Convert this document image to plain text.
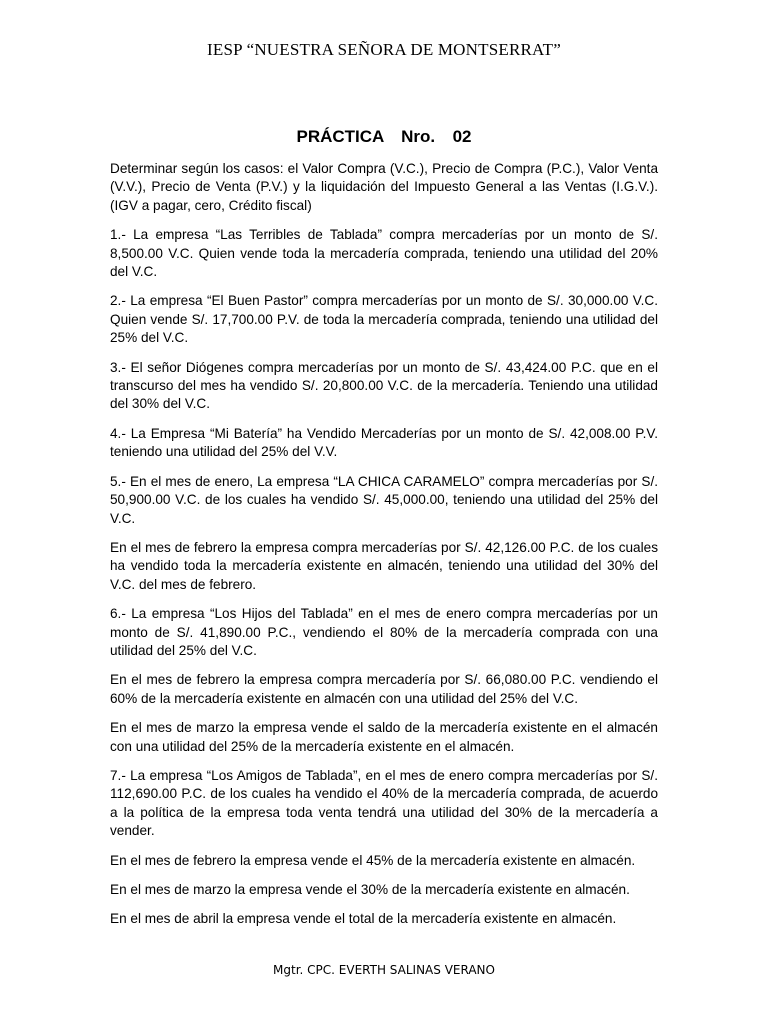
IESP “NUESTRA SEÑORA DE MONTSERRAT”
PRÁCTICA  Nro.  02

Determinar según los casos: el Valor Compra (V.C.), Precio de Compra (P.C.), Valor Venta (V.V.), Precio de Venta (P.V.) y la liquidación del Impuesto General a las Ventas (I.G.V.). (IGV a pagar, cero, Crédito fiscal)

1.- La empresa “Las Terribles de Tablada” compra mercaderías por un monto de S/. 8,500.00 V.C. Quien vende toda la mercadería comprada, teniendo una utilidad del 20% del V.C.

2.- La empresa “El Buen Pastor” compra mercaderías por un monto de S/. 30,000.00 V.C. Quien vende S/. 17,700.00 P.V. de toda la mercadería comprada, teniendo una utilidad del 25% del V.C.

3.- El señor Diógenes compra mercaderías por un monto de S/. 43,424.00 P.C. que en el transcurso del mes ha vendido S/. 20,800.00 V.C. de la mercadería. Teniendo una utilidad del 30% del V.C.

4.- La Empresa “Mi Batería” ha Vendido Mercaderías por un monto de S/. 42,008.00 P.V. teniendo una utilidad del 25% del V.V.

5.- En el mes de enero, La empresa “LA CHICA CARAMELO” compra mercaderías por S/. 50,900.00 V.C. de los cuales ha vendido S/. 45,000.00, teniendo una utilidad del 25% del V.C.

En el mes de febrero la empresa compra mercaderías por S/. 42,126.00 P.C. de los cuales ha vendido toda la mercadería existente en almacén, teniendo una utilidad del 30% del V.C. del mes de febrero.

6.- La empresa “Los Hijos del Tablada” en el mes de enero compra mercaderías por un monto de S/. 41,890.00 P.C., vendiendo el 80% de la mercadería comprada con una utilidad del 25% del V.C.

En el mes de febrero la empresa compra mercadería por S/. 66,080.00 P.C. vendiendo el 60% de la mercadería existente en almacén con una utilidad del 25% del V.C.

En el mes de marzo la empresa vende el saldo de la mercadería existente en el almacén con una utilidad del 25% de la mercadería existente en el almacén.

7.- La empresa “Los Amigos de Tablada”, en el mes de enero compra mercaderías por S/. 112,690.00 P.C. de los cuales ha vendido el 40% de la mercadería comprada, de acuerdo a la política de la empresa toda venta tendrá una utilidad del 30% de la mercadería a vender.

En el mes de febrero la empresa vende el 45% de la mercadería existente en almacén.

En el mes de marzo la empresa vende el 30% de la mercadería existente en almacén.

En el mes de abril la empresa vende el total de la mercadería existente en almacén.

Mgtr. CPC. EVERTH SALINAS VERANO
